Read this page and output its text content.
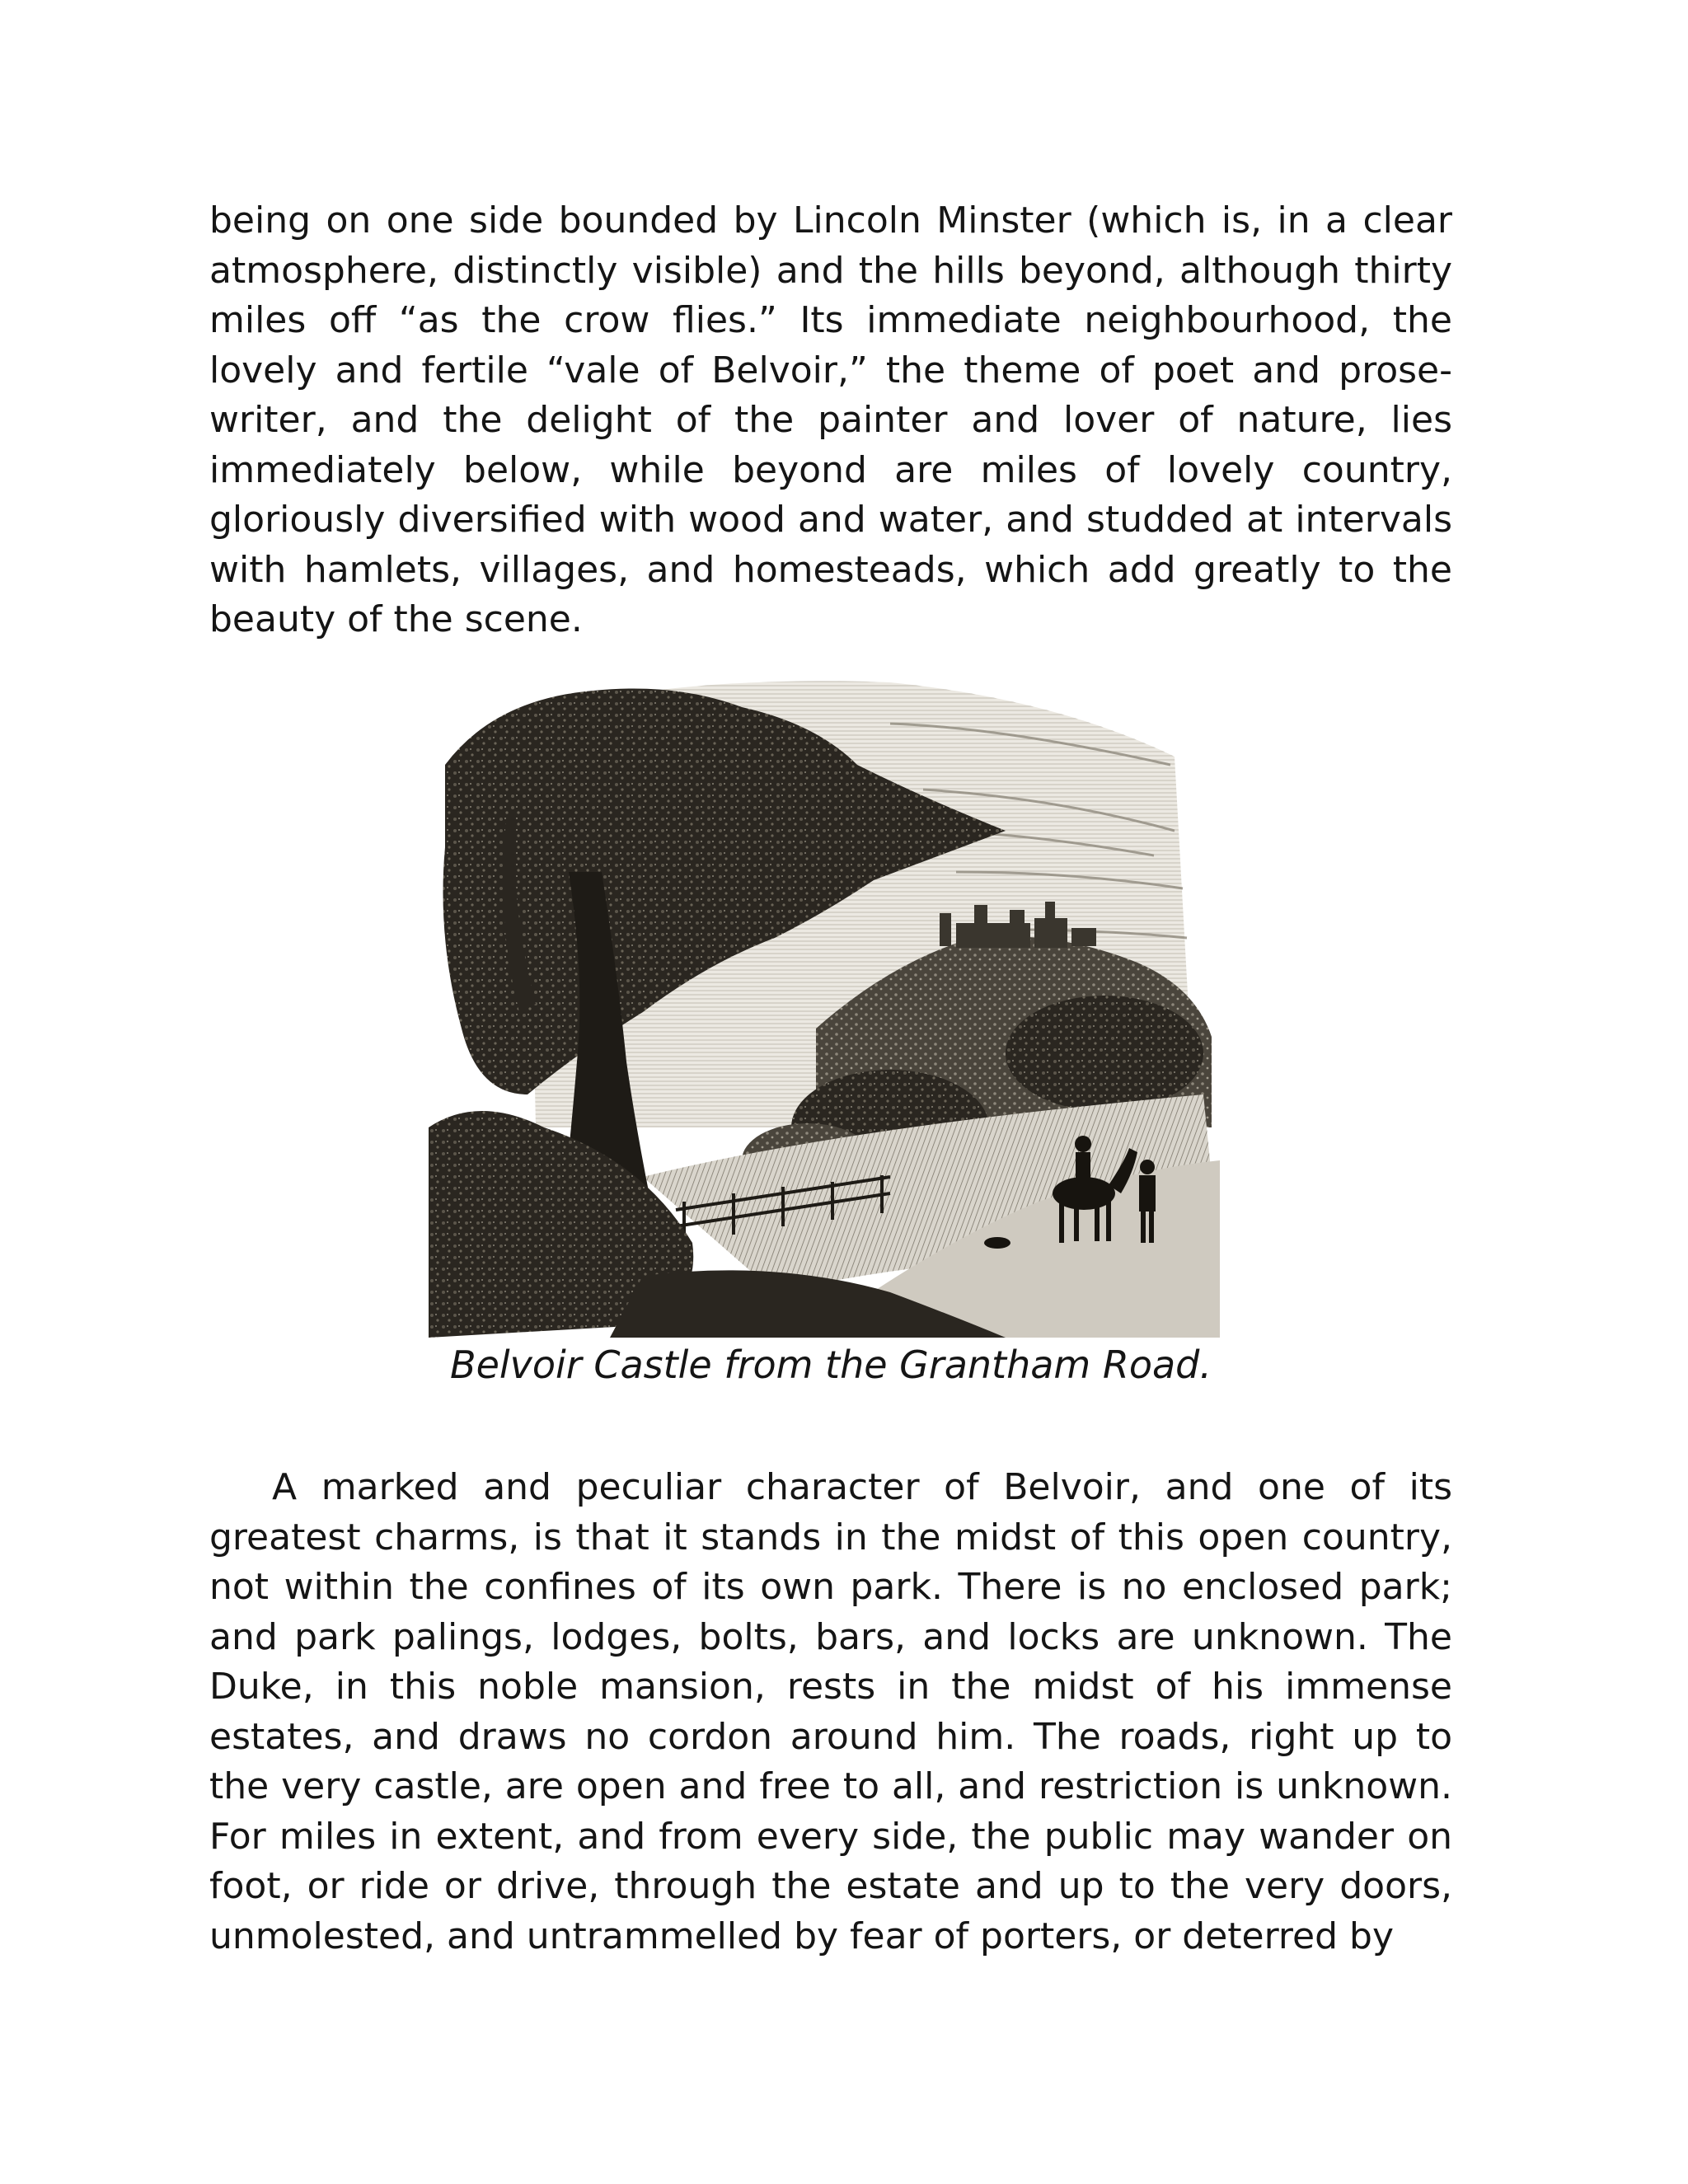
being on one side bounded by Lincoln Minster (which is, in a clear atmosphere, distinctly visible) and the hills beyond, although thirty miles off “as the crow flies.” Its immediate neighbourhood, the lovely and fertile “vale of Belvoir,” the theme of poet and prose-writer, and the delight of the painter and lover of nature, lies immediately below, while beyond are miles of lovely country, gloriously diversified with wood and water, and studded at intervals with hamlets, villages, and homesteads, which add greatly to the beauty of the scene.

Belvoir Castle from the Grantham Road.

A marked and peculiar character of Belvoir, and one of its greatest charms, is that it stands in the midst of this open country, not within the confines of its own park. There is no enclosed park; and park palings, lodges, bolts, bars, and locks are unknown. The Duke, in this noble mansion, rests in the midst of his immense estates, and draws no cordon around him. The roads, right up to the very castle, are open and free to all, and restriction is unknown. For miles in extent, and from every side, the public may wander on foot, or ride or drive, through the estate and up to the very doors, unmolested, and untrammelled by fear of porters, or deterred by
